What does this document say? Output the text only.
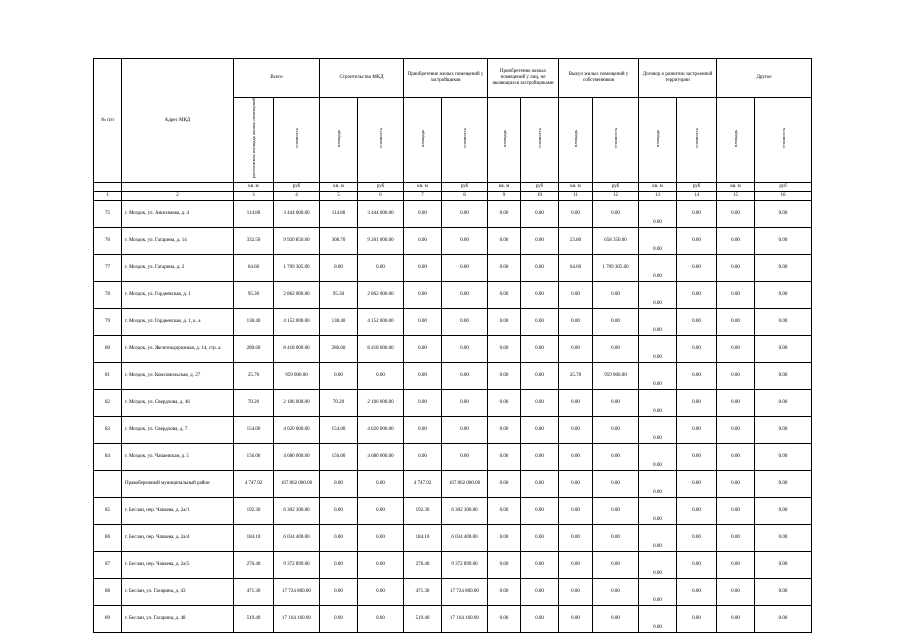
№ п/п	Адрес МКД	Всего		Строительство МКД		Приобретение жилых помещений у застройщиков		Приобретение жилых помещений у лиц, не являющихся застройщиками		Выкуп жилых помещений у собственников		Договор о развитии застроенной территории		Другое	
		расселяемая площадь жилых помещений	стоимость	площадь	стоимость	площадь	стоимость	площадь	стоимость	площадь	стоимость	площадь	стоимость	площадь	стоимость
		кв. м	руб	кв. м	руб	кв. м	руб	кв. м	руб	кв. м	руб	кв. м	руб	кв. м	руб
1	2	3	4	5	6	7	8	9	10	11	12	13	14	15	16
75	г. Моздок, ул. Анисимова, д. 4	114.80	3 444 000.00	114.80	3 444 000.00	0.00	0.00	0.00	0.00	0.00	0.00	0.00	0.00	0.00	0.00
76	г. Моздок, ул. Гагарина, д. 14	332.50	9 920 850.00	308.70	9 261 000.00	0.00	0.00	0.00	0.00	23.80	658 350.00	0.00	0.00	0.00	0.00
77	г. Моздок, ул. Гагарина, д. 2	64.60	1 709 305.00	0.00	0.00	0.00	0.00	0.00	0.00	64.60	1 709 305.00	0.00	0.00	0.00	0.00
78	г. Моздок, ул. Гордеевская, д. 1	95.30	2 862 000.00	95.30	2 862 000.00	0.00	0.00	0.00	0.00	0.00	0.00	0.00	0.00	0.00	0.00
79	г. Моздок, ул. Гордеевская, д. 1, к. а	138.40	4 152 000.00	138.40	4 152 000.00	0.00	0.00	0.00	0.00	0.00	0.00	0.00	0.00	0.00	0.00
80	г. Моздок, ул. Железнодорожная, д. 14, стр. а	280.60	8 418 000.00	280.60	8 418 000.00	0.00	0.00	0.00	0.00	0.00	0.00	0.00	0.00	0.00	0.00
81	г. Моздок, ул. Комсомольская, д. 27	25.70	959 000.00	0.00	0.00	0.00	0.00	0.00	0.00	25.70	959 000.00	0.00	0.00	0.00	0.00
82	г. Моздок, ул. Свердлова, д. 46	70.20	2 106 000.00	70.20	2 106 000.00	0.00	0.00	0.00	0.00	0.00	0.00	0.00	0.00	0.00	0.00
83	г. Моздок, ул. Свердлова, д. 7	154.00	4 620 000.00	154.00	4 620 000.00	0.00	0.00	0.00	0.00	0.00	0.00	0.00	0.00	0.00	0.00
84	г. Моздок, ул. Чапаевская, д. 5	156.00	4 680 000.00	156.00	4 680 000.00	0.00	0.00	0.00	0.00	0.00	0.00	0.00	0.00	0.00	0.00
	Правобережный муниципальный район	4 747.92	167 062 000.00	0.00	0.00	4 747.92	167 062 000.00	0.00	0.00	0.00	0.00	0.00	0.00	0.00	0.00
85	г. Беслан, пер. Чапаева, д. 2а/1	192.30	6 302 300.00	0.00	0.00	192.30	6 302 300.00	0.00	0.00	0.00	0.00	0.00	0.00	0.00	0.00
86	г. Беслан, пер. Чапаева, д. 2а/4	184.10	6 034 400.00	0.00	0.00	184.10	6 034 400.00	0.00	0.00	0.00	0.00	0.00	0.00	0.00	0.00
87	г. Беслан, пер. Чапаева, д. 2а/5	276.40	9 372 899.00	0.00	0.00	276.40	9 372 899.00	0.00	0.00	0.00	0.00	0.00	0.00	0.00	0.00
88	г. Беслан, ул. Гагарина, д. 43	471.30	17 724 800.00	0.00	0.00	471.30	17 724 800.00	0.00	0.00	0.00	0.00	0.00	0.00	0.00	0.00
89	г. Беслан, ул. Гагарина, д. 48	519.40	17 164 160.00	0.00	0.00	519.40	17 164 160.00	0.00	0.00	0.00	0.00	0.00	0.00	0.00	0.00
